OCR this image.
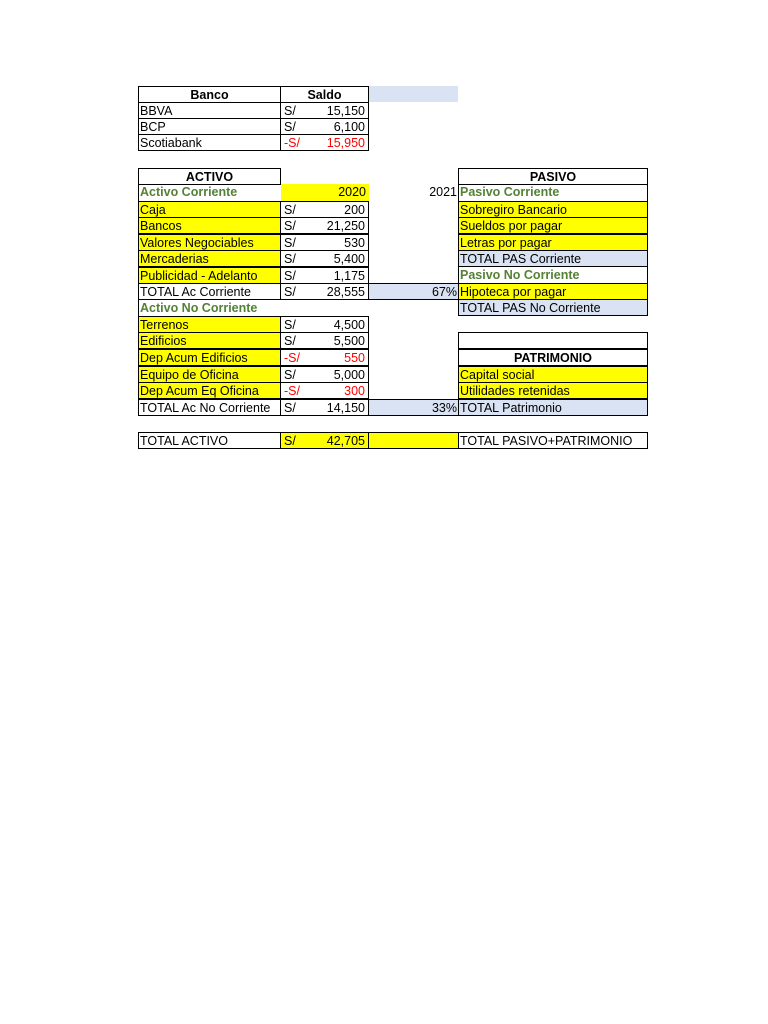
Banco	Saldo
BBVA	S/ 15,150
BCP	S/	6,100
Scotiabank	-S/ 15,950
ACTIVO
Activo Corriente	2020	2021
Caja	S/	200
Bancos	S/ 21,250
Valores Negociables	S/	530
Mercaderias	S/	5,400
Publicidad - Adelanto	S/	1,175
TOTAL Ac Corriente	S/ 28,555	67%
Activo No Corriente
Terrenos	S/	4,500
Edificios	S/	5,500
Dep Acum Edificios	-S/	550
Equipo de Oficina	S/	5,000
Dep Acum Eq Oficina	-S/	300
TOTAL Ac No Corriente	S/ 14,150	33%
TOTAL ACTIVO	S/ 42,705
PASIVO
Pasivo Corriente
Sobregiro Bancario
Sueldos por pagar
Letras por pagar
TOTAL PAS Corriente
Pasivo No Corriente
Hipoteca por pagar
TOTAL PAS No Corriente
PATRIMONIO
Capital social
Utilidades retenidas
TOTAL Patrimonio
TOTAL PASIVO+PATRIMONIO
